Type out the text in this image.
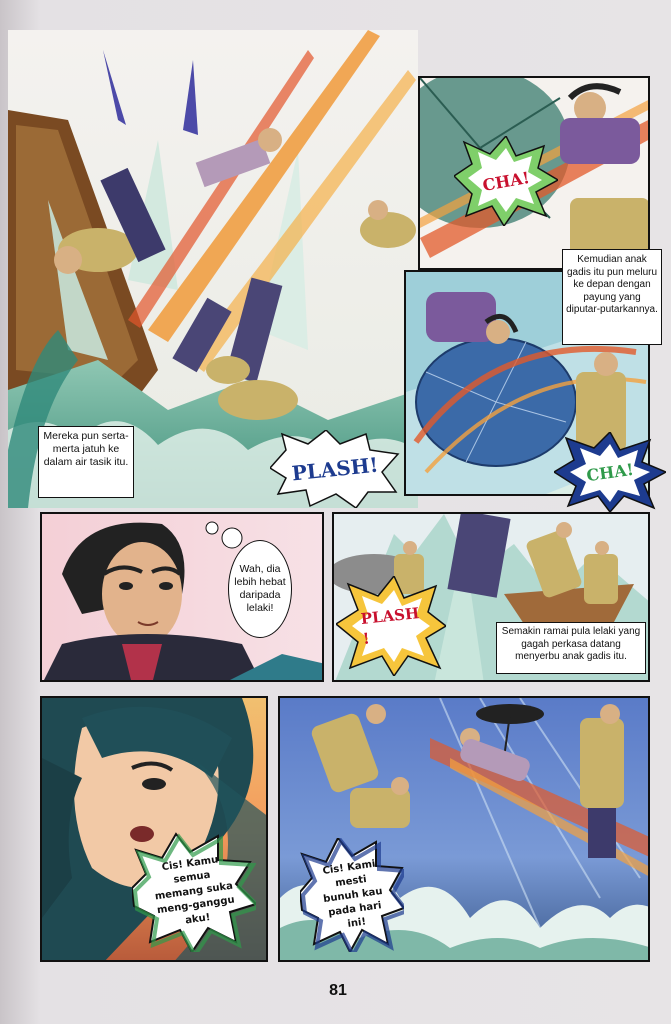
Mereka pun serta-merta jatuh ke dalam air tasik itu.	PLASH!
CHA!
Kemudian anak gadis itu pun meluru ke depan dengan payung yang diputar-putarkannya.
CHA!
Wah, dia lebih hebat daripada lelaki!	PLASH !	Semakin ramai pula lelaki yang gagah perkasa datang menyerbu anak gadis itu.
Cis! Kamu semua memang suka meng-ganggu aku!
Cis! Kami mesti bunuh kau pada hari ini!
81
